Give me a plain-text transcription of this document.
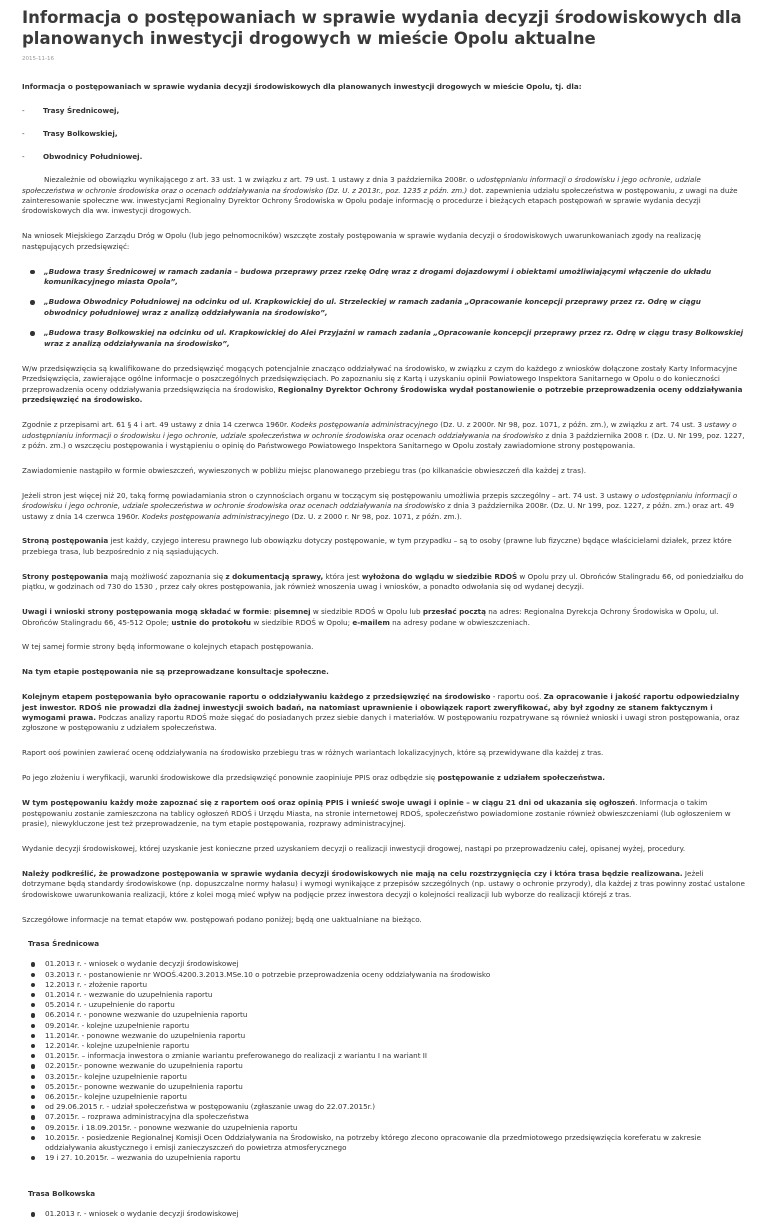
Informacja o postępowaniach w sprawie wydania decyzji środowiskowych dla planowanych inwestycji drogowych w mieście Opolu aktualne
2015-11-16

Informacja o postępowaniach w sprawie wydania decyzji środowiskowych dla planowanych inwestycji drogowych w mieście Opolu, tj. dla:

-	Trasy Średnicowej,
-	Trasy Bolkowskiej,
-	Obwodnicy Południowej.

Niezależnie od obowiązku wynikającego z art. 33 ust. 1 w związku z art. 79 ust. 1 ustawy z dnia 3 października 2008r. o udostępnianiu informacji o środowisku i jego ochronie, udziale społeczeństwa w ochronie środowiska oraz o ocenach oddziaływania na środowisko (Dz. U. z 2013r., poz. 1235 z późn. zm.) dot. zapewnienia udziału społeczeństwa w postępowaniu, z uwagi na duże zainteresowanie społeczne ww. inwestycjami Regionalny Dyrektor Ochrony Środowiska w Opolu podaje informację o procedurze i bieżących etapach postępowań w sprawie wydania decyzji środowiskowych dla ww. inwestycji drogowych.

Na wniosek Miejskiego Zarządu Dróg w Opolu (lub jego pełnomocników) wszczęte zostały postępowania w sprawie wydania decyzji o środowiskowych uwarunkowaniach zgody na realizację następujących przedsięwzięć:

„Budowa trasy Średnicowej w ramach zadania – budowa przeprawy przez rzekę Odrę wraz z drogami dojazdowymi i obiektami umożliwiającymi włączenie do układu komunikacyjnego miasta Opola”,
„Budowa Obwodnicy Południowej na odcinku od ul. Krapkowickiej do ul. Strzeleckiej w ramach zadania „Opracowanie koncepcji przeprawy przez rz. Odrę w ciągu obwodnicy południowej wraz z analizą oddziaływania na środowisko”,
„Budowa trasy Bolkowskiej na odcinku od ul. Krapkowickiej do Alei Przyjaźni w ramach zadania „Opracowanie koncepcji przeprawy przez rz. Odrę w ciągu trasy Bolkowskiej wraz z analizą oddziaływania na środowisko”,

W/w przedsięwzięcia są kwalifikowane do przedsięwzięć mogących potencjalnie znacząco oddziaływać na środowisko, w związku z czym do każdego z wniosków dołączone zostały Karty Informacyjne Przedsięwzięcia, zawierające ogólne informacje o poszczególnych przedsięwzięciach. Po zapoznaniu się z Kartą i uzyskaniu opinii Powiatowego Inspektora Sanitarnego w Opolu o do konieczności przeprowadzenia oceny oddziaływania przedsięwzięcia na środowisko, Regionalny Dyrektor Ochrony Środowiska wydał postanowienie o potrzebie przeprowadzenia oceny oddziaływania przedsięwzięć na środowisko.

Zgodnie z przepisami art. 61 § 4 i art. 49 ustawy z dnia 14 czerwca 1960r. Kodeks postępowania administracyjnego (Dz. U. z 2000r. Nr 98, poz. 1071, z późn. zm.), w związku z art. 74 ust. 3 ustawy o udostępnianiu informacji o środowisku i jego ochronie, udziale społeczeństwa w ochronie środowiska oraz ocenach oddziaływania na środowisko z dnia 3 października 2008 r. (Dz. U. Nr 199, poz. 1227, z późn. zm.) o wszczęciu postępowania i wystąpieniu o opinię do Państwowego Powiatowego Inspektora Sanitarnego w Opolu zostały zawiadomione strony postępowania.

Zawiadomienie nastąpiło w formie obwieszczeń, wywieszonych w pobliżu miejsc planowanego przebiegu tras (po kilkanaście obwieszczeń dla każdej z tras).

Jeżeli stron jest więcej niż 20, taką formę powiadamiania stron o czynnościach organu w toczącym się postępowaniu umożliwia przepis szczególny – art. 74 ust. 3 ustawy o udostępnianiu informacji o środowisku i jego ochronie, udziale społeczeństwa w ochronie środowiska oraz ocenach oddziaływania na środowisko z dnia 3 października 2008r. (Dz. U. Nr 199, poz. 1227, z późn. zm.) oraz art. 49 ustawy z dnia 14 czerwca 1960r. Kodeks postępowania administracyjnego (Dz. U. z 2000 r. Nr 98, poz. 1071, z późn. zm.).

Stroną postępowania jest każdy, czyjego interesu prawnego lub obowiązku dotyczy postępowanie, w tym przypadku – są to osoby (prawne lub fizyczne) będące właścicielami działek, przez które przebiega trasa, lub bezpośrednio z nią sąsiadujących.

Strony postępowania mają możliwość zapoznania się z dokumentacją sprawy, która jest wyłożona do wglądu w siedzibie RDOŚ w Opolu przy ul. Obrońców Stalingradu 66, od poniedziałku do piątku, w godzinach od 730 do 1530 , przez cały okres postępowania, jak również wnoszenia uwag i wniosków, a ponadto odwołania się od wydanej decyzji.

Uwagi i wnioski strony postępowania mogą składać w formie: pisemnej w siedzibie RDOŚ w Opolu lub przesłać pocztą na adres: Regionalna Dyrekcja Ochrony Środowiska w Opolu, ul. Obrońców Stalingradu 66, 45-512 Opole; ustnie do protokołu w siedzibie RDOŚ w Opolu; e-mailem na adresy podane w obwieszczeniach.

W tej samej formie strony będą informowane o kolejnych etapach postępowania.

Na tym etapie postępowania nie są przeprowadzane konsultacje społeczne.

Kolejnym etapem postępowania było opracowanie raportu o oddziaływaniu każdego z przedsięwzięć na środowisko - raportu ooś. Za opracowanie i jakość raportu odpowiedzialny jest inwestor. RDOŚ nie prowadzi dla żadnej inwestycji swoich badań, na natomiast uprawnienie i obowiązek raport zweryfikować, aby był zgodny ze stanem faktycznym i wymogami prawa. Podczas analizy raportu RDOŚ może sięgać do posiadanych przez siebie danych i materiałów. W postępowaniu rozpatrywane są również wnioski i uwagi stron postępowania, oraz zgłoszone w postępowaniu z udziałem społeczeństwa.

Raport ooś powinien zawierać ocenę oddziaływania na środowisko przebiegu tras w różnych wariantach lokalizacyjnych, które są przewidywane dla każdej z tras.

Po jego złożeniu i weryfikacji, warunki środowiskowe dla przedsięwzięć ponownie zaopiniuje PPIS oraz odbędzie się postępowanie z udziałem społeczeństwa.

W tym postępowaniu każdy może zapoznać się z raportem ooś oraz opinią PPIS i wnieść swoje uwagi i opinie – w ciągu 21 dni od ukazania się ogłoszeń. Informacja o takim postępowaniu zostanie zamieszczona na tablicy ogłoszeń RDOŚ i Urzędu Miasta, na stronie internetowej RDOŚ, społeczeństwo powiadomione zostanie również obwieszczeniami (lub ogłoszeniem w prasie), niewykluczone jest też przeprowadzenie, na tym etapie postępowania, rozprawy administracyjnej.

Wydanie decyzji środowiskowej, której uzyskanie jest konieczne przed uzyskaniem decyzji o realizacji inwestycji drogowej, nastąpi po przeprowadzeniu całej, opisanej wyżej, procedury.

Należy podkreślić, że prowadzone postępowania w sprawie wydania decyzji środowiskowych nie mają na celu rozstrzygnięcia czy i która trasa będzie realizowana. Jeżeli dotrzymane będą standardy środowiskowe (np. dopuszczalne normy hałasu) i wymogi wynikające z przepisów szczególnych (np. ustawy o ochronie przyrody), dla każdej z tras powinny zostać ustalone środowiskowe uwarunkowania realizacji, które z kolei mogą mieć wpływ na podjęcie przez inwestora decyzji o kolejności realizacji lub wyborze do realizacji którejś z tras.

Szczegółowe informacje na temat etapów ww. postępowań podano poniżej; będą one uaktualniane na bieżąco.

Trasa Średnicowa
01.2013 r. - wniosek o wydanie decyzji środowiskowej
03.2013 r. - postanowienie nr WOOŚ.4200.3.2013.MSe.10 o potrzebie przeprowadzenia oceny oddziaływania na środowisko
12.2013 r. - złożenie raportu
01.2014 r. - wezwanie do uzupełnienia raportu
05.2014 r. - uzupełnienie do raportu
06.2014 r. - ponowne wezwanie do uzupełnienia raportu
09.2014r. - kolejne uzupełnienie raportu
11.2014r. - ponowne wezwanie do uzupełnienia raportu
12.2014r. - kolejne uzupełnienie raportu
01.2015r. – informacja inwestora o zmianie wariantu preferowanego do realizacji z wariantu I na wariant II
02.2015r.- ponowne wezwanie do uzupełnienia raportu
03.2015r.- kolejne uzupełnienie raportu
05.2015r.- ponowne wezwanie do uzupełnienia raportu
06.2015r.- kolejne uzupełnienie raportu
od 29.06.2015 r. - udział społeczeństwa w postępowaniu (zgłaszanie uwag do 22.07.2015r.)
07.2015r. – rozprawa administracyjna dla społeczeństwa
09.2015r. i 18.09.2015r. - ponowne wezwanie do uzupełnienia raportu
10.2015r. - posiedzenie Regionalnej Komisji Ocen Oddziaływania na Środowisko, na potrzeby którego zlecono opracowanie dla przedmiotowego przedsięwzięcia koreferatu w zakresie oddziaływania akustycznego i emisji zanieczyszczeń do powietrza atmosferycznego
19 i 27. 10.2015r. – wezwania do uzupełnienia raportu
Trasa Bolkowska
01.2013 r. - wniosek o wydanie decyzji środowiskowej
